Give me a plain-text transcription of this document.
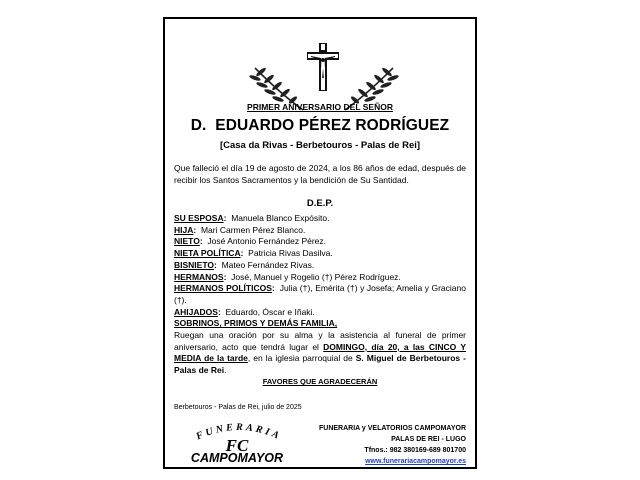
PRIMER ANIVERSARIO DEL SEÑOR
D.  EDUARDO PÉREZ RODRÍGUEZ
[Casa da Rivas - Berbetouros - Palas de Rei]
Que falleció el día 19 de agosto de 2024, a los 86 años de edad, después de recibir los Santos Sacramentos y la bendición de Su Santidad.
D.E.P.

SU ESPOSA: Manuela Blanco Expósito.

HIJA: Mari Carmen Pérez Blanco.

NIETO: José Antonio Fernández Pérez.

NIETA POLÍTICA: Patricia Rivas Dasilva.

BISNIETO: Mateo Fernández Rivas.

HERMANOS: José, Manuel y Rogelio (†) Pérez Rodríguez.

HERMANOS POLÍTICOS: Julia (†), Emérita (†) y Josefa; Amelia y Graciano (†).

AHIJADOS: Eduardo, Óscar e Iñaki.

SOBRINOS, PRIMOS Y DEMÁS FAMILIA,

Ruegan una oración por su alma y la asistencia al funeral de primer aniversario, acto que tendrá lugar el DOMINGO, día 20, a las CINCO Y MEDIA de la tarde, en la iglesia parroquial de S. Miguel de Berbetouros - Palas de Rei.

FAVORES QUE AGRADECERÁN
Berbetouros - Palas de Rei, julio de 2025
FUNERARIA
FC
CAMPOMAYOR
FUNERARIA y VELATORIOS CAMPOMAYOR
PALAS DE REI - LUGO
Tfnos.: 982 380169-689 801700
www.funerariacampomayor.es
